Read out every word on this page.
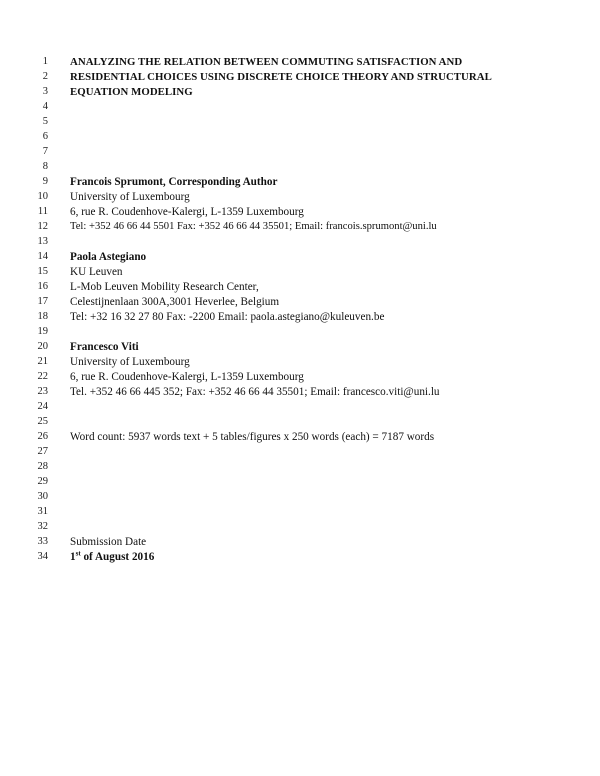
1 ANALYZING THE RELATION BETWEEN COMMUTING SATISFACTION AND
2 RESIDENTIAL CHOICES USING DISCRETE CHOICE THEORY AND STRUCTURAL
3 EQUATION MODELING
4
5
6
7
8
9 Francois Sprumont, Corresponding Author
10 University of Luxembourg
11 6, rue R. Coudenhove-Kalergi, L-1359 Luxembourg
12 Tel: +352 46 66 44 5501 Fax: +352 46 66 44 35501; Email: francois.sprumont@uni.lu
13
14 Paola Astegiano
15 KU Leuven
16 L-Mob Leuven Mobility Research Center,
17 Celestijnenlaan 300A,3001 Heverlee, Belgium
18 Tel: +32 16 32 27 80 Fax: -2200 Email: paola.astegiano@kuleuven.be
19
20 Francesco Viti
21 University of Luxembourg
22 6, rue R. Coudenhove-Kalergi, L-1359 Luxembourg
23 Tel. +352 46 66 445 352; Fax: +352 46 66 44 35501; Email: francesco.viti@uni.lu
24
25
26 Word count: 5937 words text + 5 tables/figures x 250 words (each) = 7187 words
27
28
29
30
31
32
33 Submission Date
34 1st of August 2016
